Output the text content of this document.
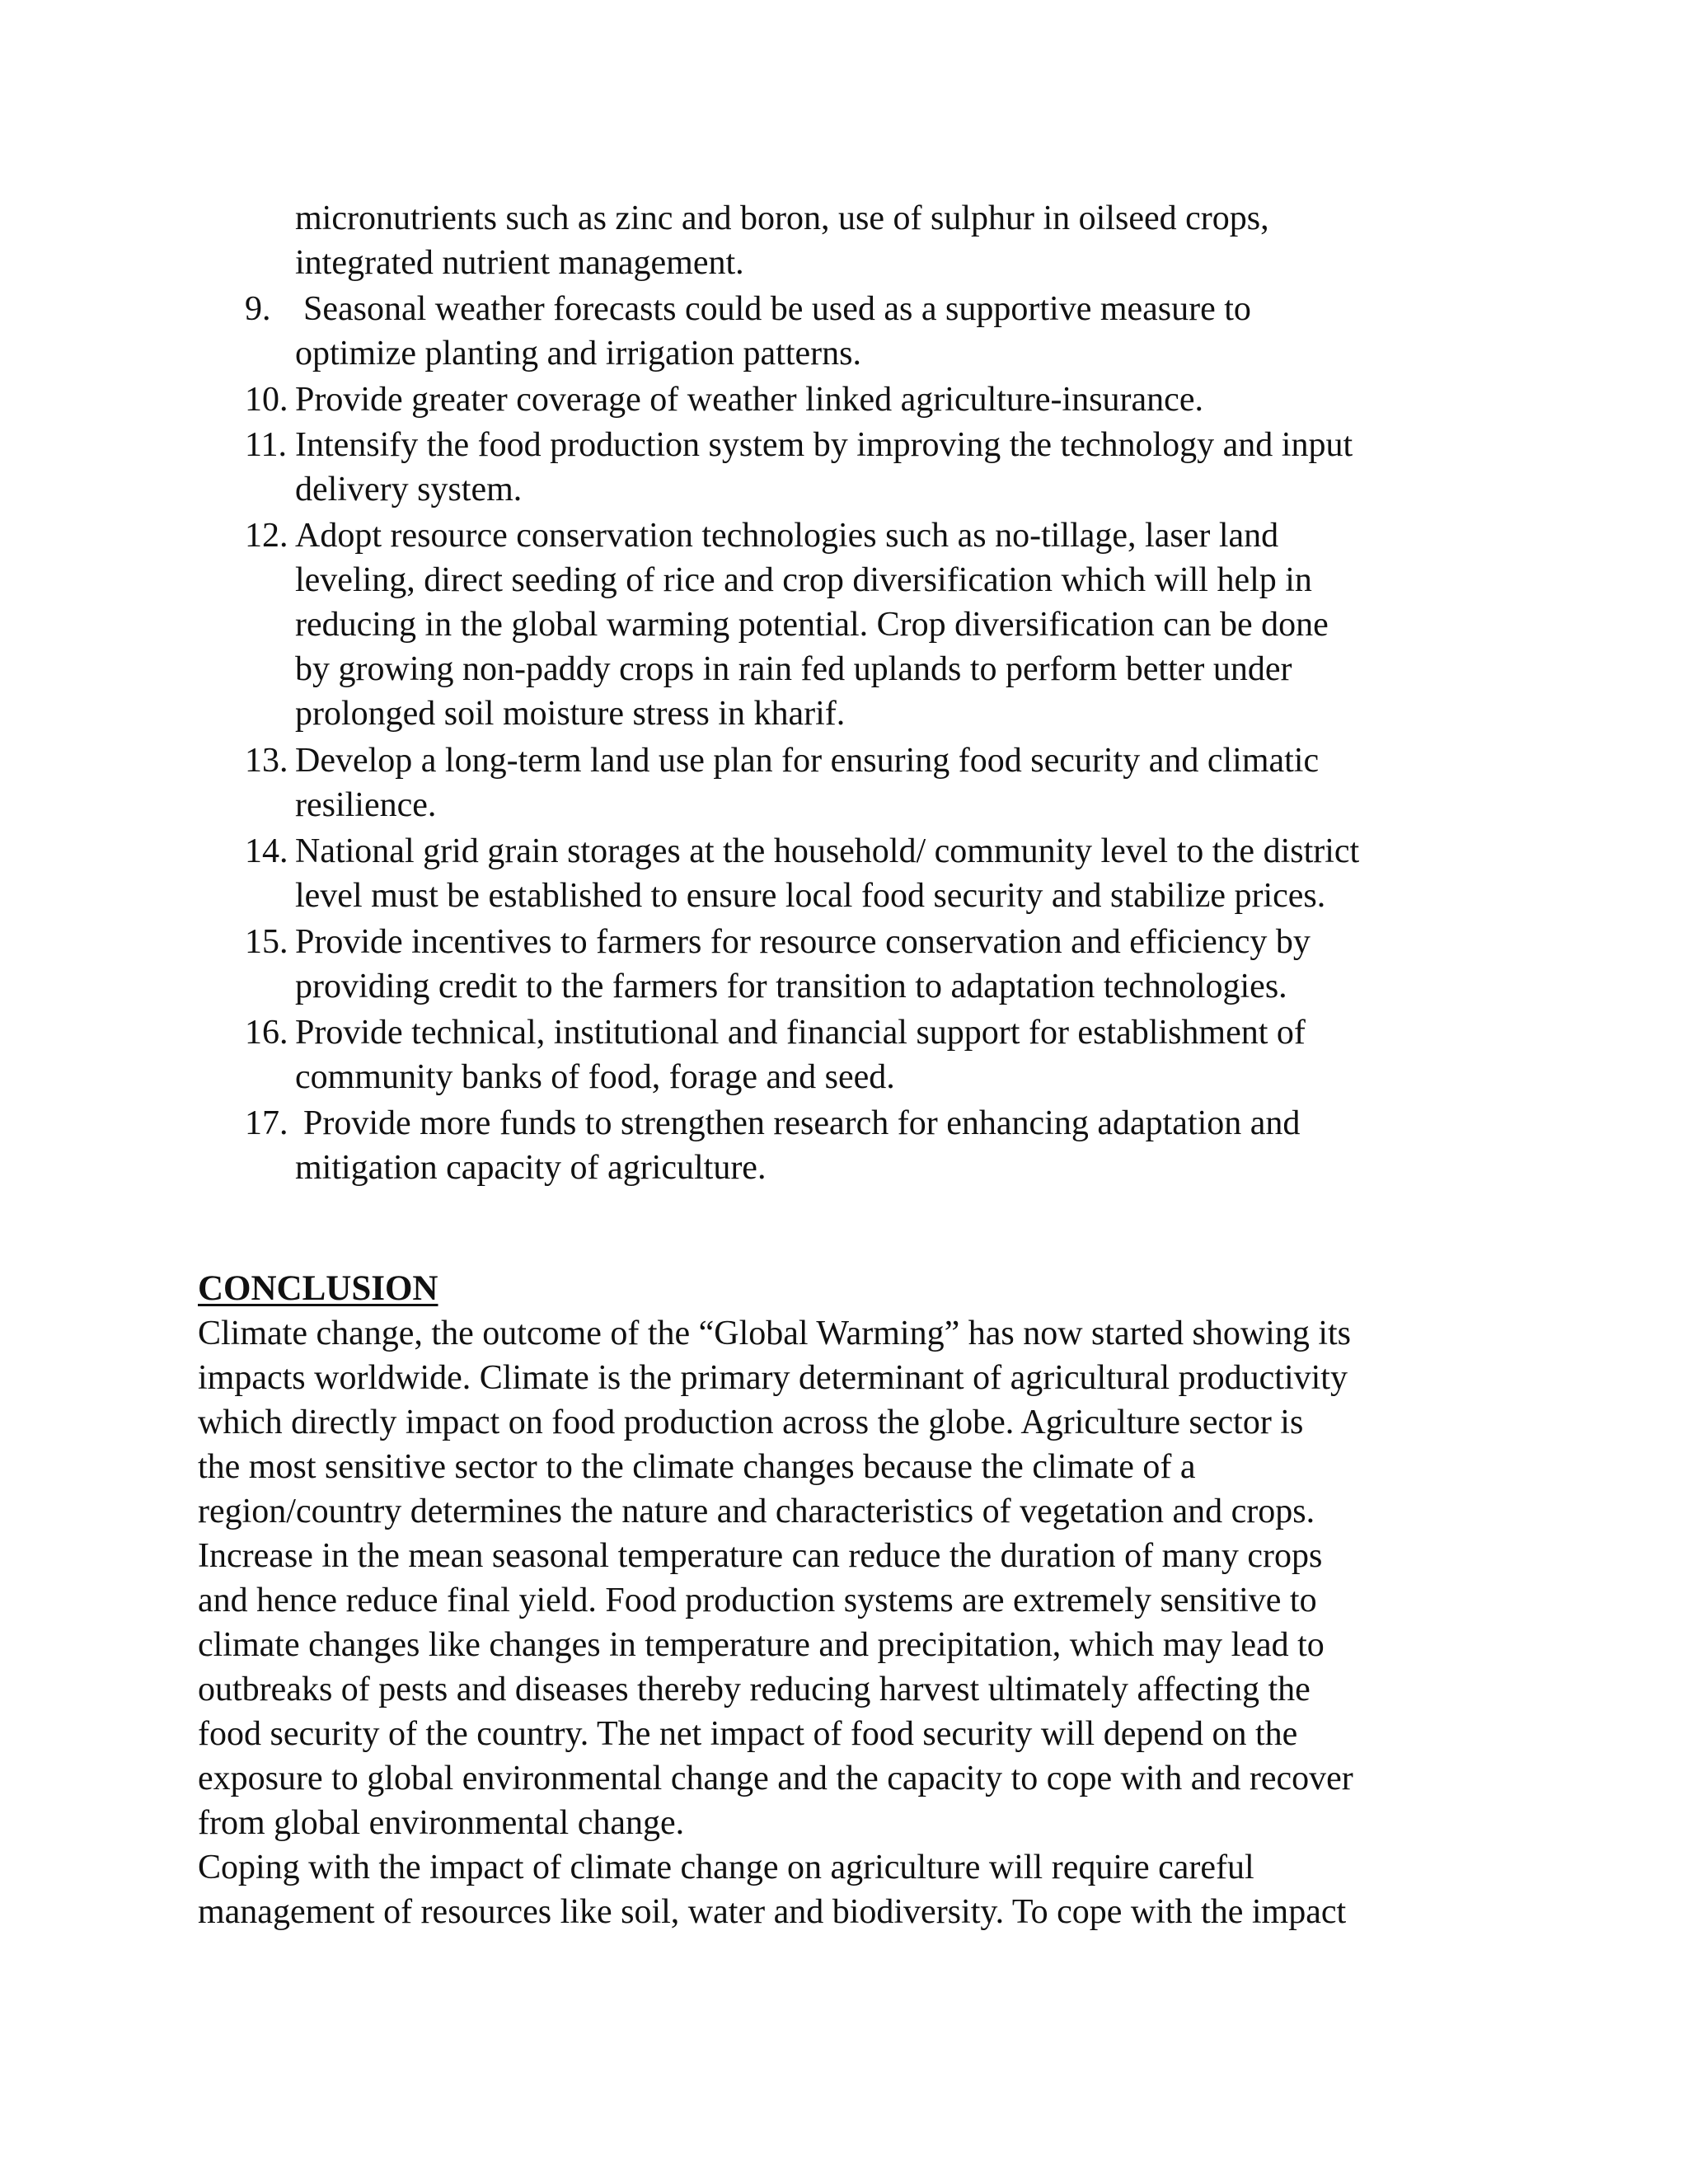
micronutrients such as zinc and boron, use of sulphur in oilseed crops,
integrated nutrient management.
9. Seasonal weather forecasts could be used as a supportive measure to
optimize planting and irrigation patterns.
10. Provide greater coverage of weather linked agriculture-insurance.
11. Intensify the food production system by improving the technology and input
delivery system.
12. Adopt resource conservation technologies such as no-tillage, laser land
leveling, direct seeding of rice and crop diversification which will help in
reducing in the global warming potential. Crop diversification can be done
by growing non-paddy crops in rain fed uplands to perform better under
prolonged soil moisture stress in kharif.
13. Develop a long-term land use plan for ensuring food security and climatic
resilience.
14. National grid grain storages at the household/ community level to the district
level must be established to ensure local food security and stabilize prices.
15. Provide incentives to farmers for resource conservation and efficiency by
providing credit to the farmers for transition to adaptation technologies.
16. Provide technical, institutional and financial support for establishment of
community banks of food, forage and seed.
17. Provide more funds to strengthen research for enhancing adaptation and
mitigation capacity of agriculture.
CONCLUSION
Climate change, the outcome of the “Global Warming” has now started showing its
impacts worldwide. Climate is the primary determinant of agricultural productivity
which directly impact on food production across the globe. Agriculture sector is
the most sensitive sector to the climate changes because the climate of a
region/country determines the nature and characteristics of vegetation and crops.
Increase in the mean seasonal temperature can reduce the duration of many crops
and hence reduce final yield. Food production systems are extremely sensitive to
climate changes like changes in temperature and precipitation, which may lead to
outbreaks of pests and diseases thereby reducing harvest ultimately affecting the
food security of the country. The net impact of food security will depend on the
exposure to global environmental change and the capacity to cope with and recover
from global environmental change.
Coping with the impact of climate change on agriculture will require careful
management of resources like soil, water and biodiversity. To cope with the impact
